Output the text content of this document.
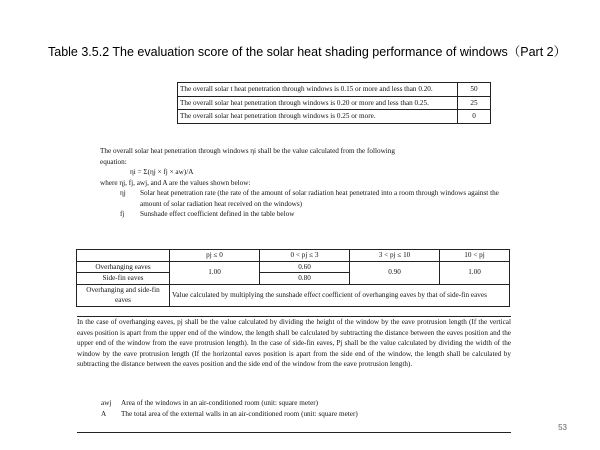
Table 3.5.2 The evaluation score of the solar heat shading performance of windows（Part 2）
The overall solar t heat penetration through windows is 0.15 or more and less than 0.20.	50
The overall solar heat penetration through windows is 0.20 or more and less than 0.25.	25
The overall solar heat penetration through windows is 0.25 or more.	0
The overall solar heat penetration through windows ηi shall be the value calculated from the following
equation:
ηi = Σ(ηj × fj × aw)/A
where ηj, fj, awj, and A are the values shown below:
ηj	Solar heat penetration rate (the rate of the amount of solar radiation heat penetrated into a room through windows against the amount of solar radiation heat received on the windows)
fj	Sunshade effect coefficient defined in the table below
	pj ≤ 0	0 < pj ≤ 3	3 < pj ≤ 10	10 < pj
Overhanging eaves	1.00	0.60	0.90	1.00
Side-fin eaves		0.80		
Overhanging and side-fin eaves	Value calculated by multiplying the sunshade effect coefficient of overhanging eaves by that of side-fin eaves			
In the case of overhanging eaves, pj shall be the value calculated by dividing the height of the window by the eave protrusion length (If the vertical eaves position is apart from the upper end of the window, the length shall be calculated by subtracting the distance between the eaves position and the upper end of the window from the eave protrusion length). In the case of side-fin eaves, Pj shall be the value calculated by dividing the width of the window by the eave protrusion length (If the horizontal eaves position is apart from the side end of the window, the length shall be calculated by subtracting the distance between the eaves position and the side end of the window from the eave protrusion length).
awj	Area of the windows in an air-conditioned room (unit: square meter)
A	The total area of the external walls in an air-conditioned room (unit: square meter)
53
